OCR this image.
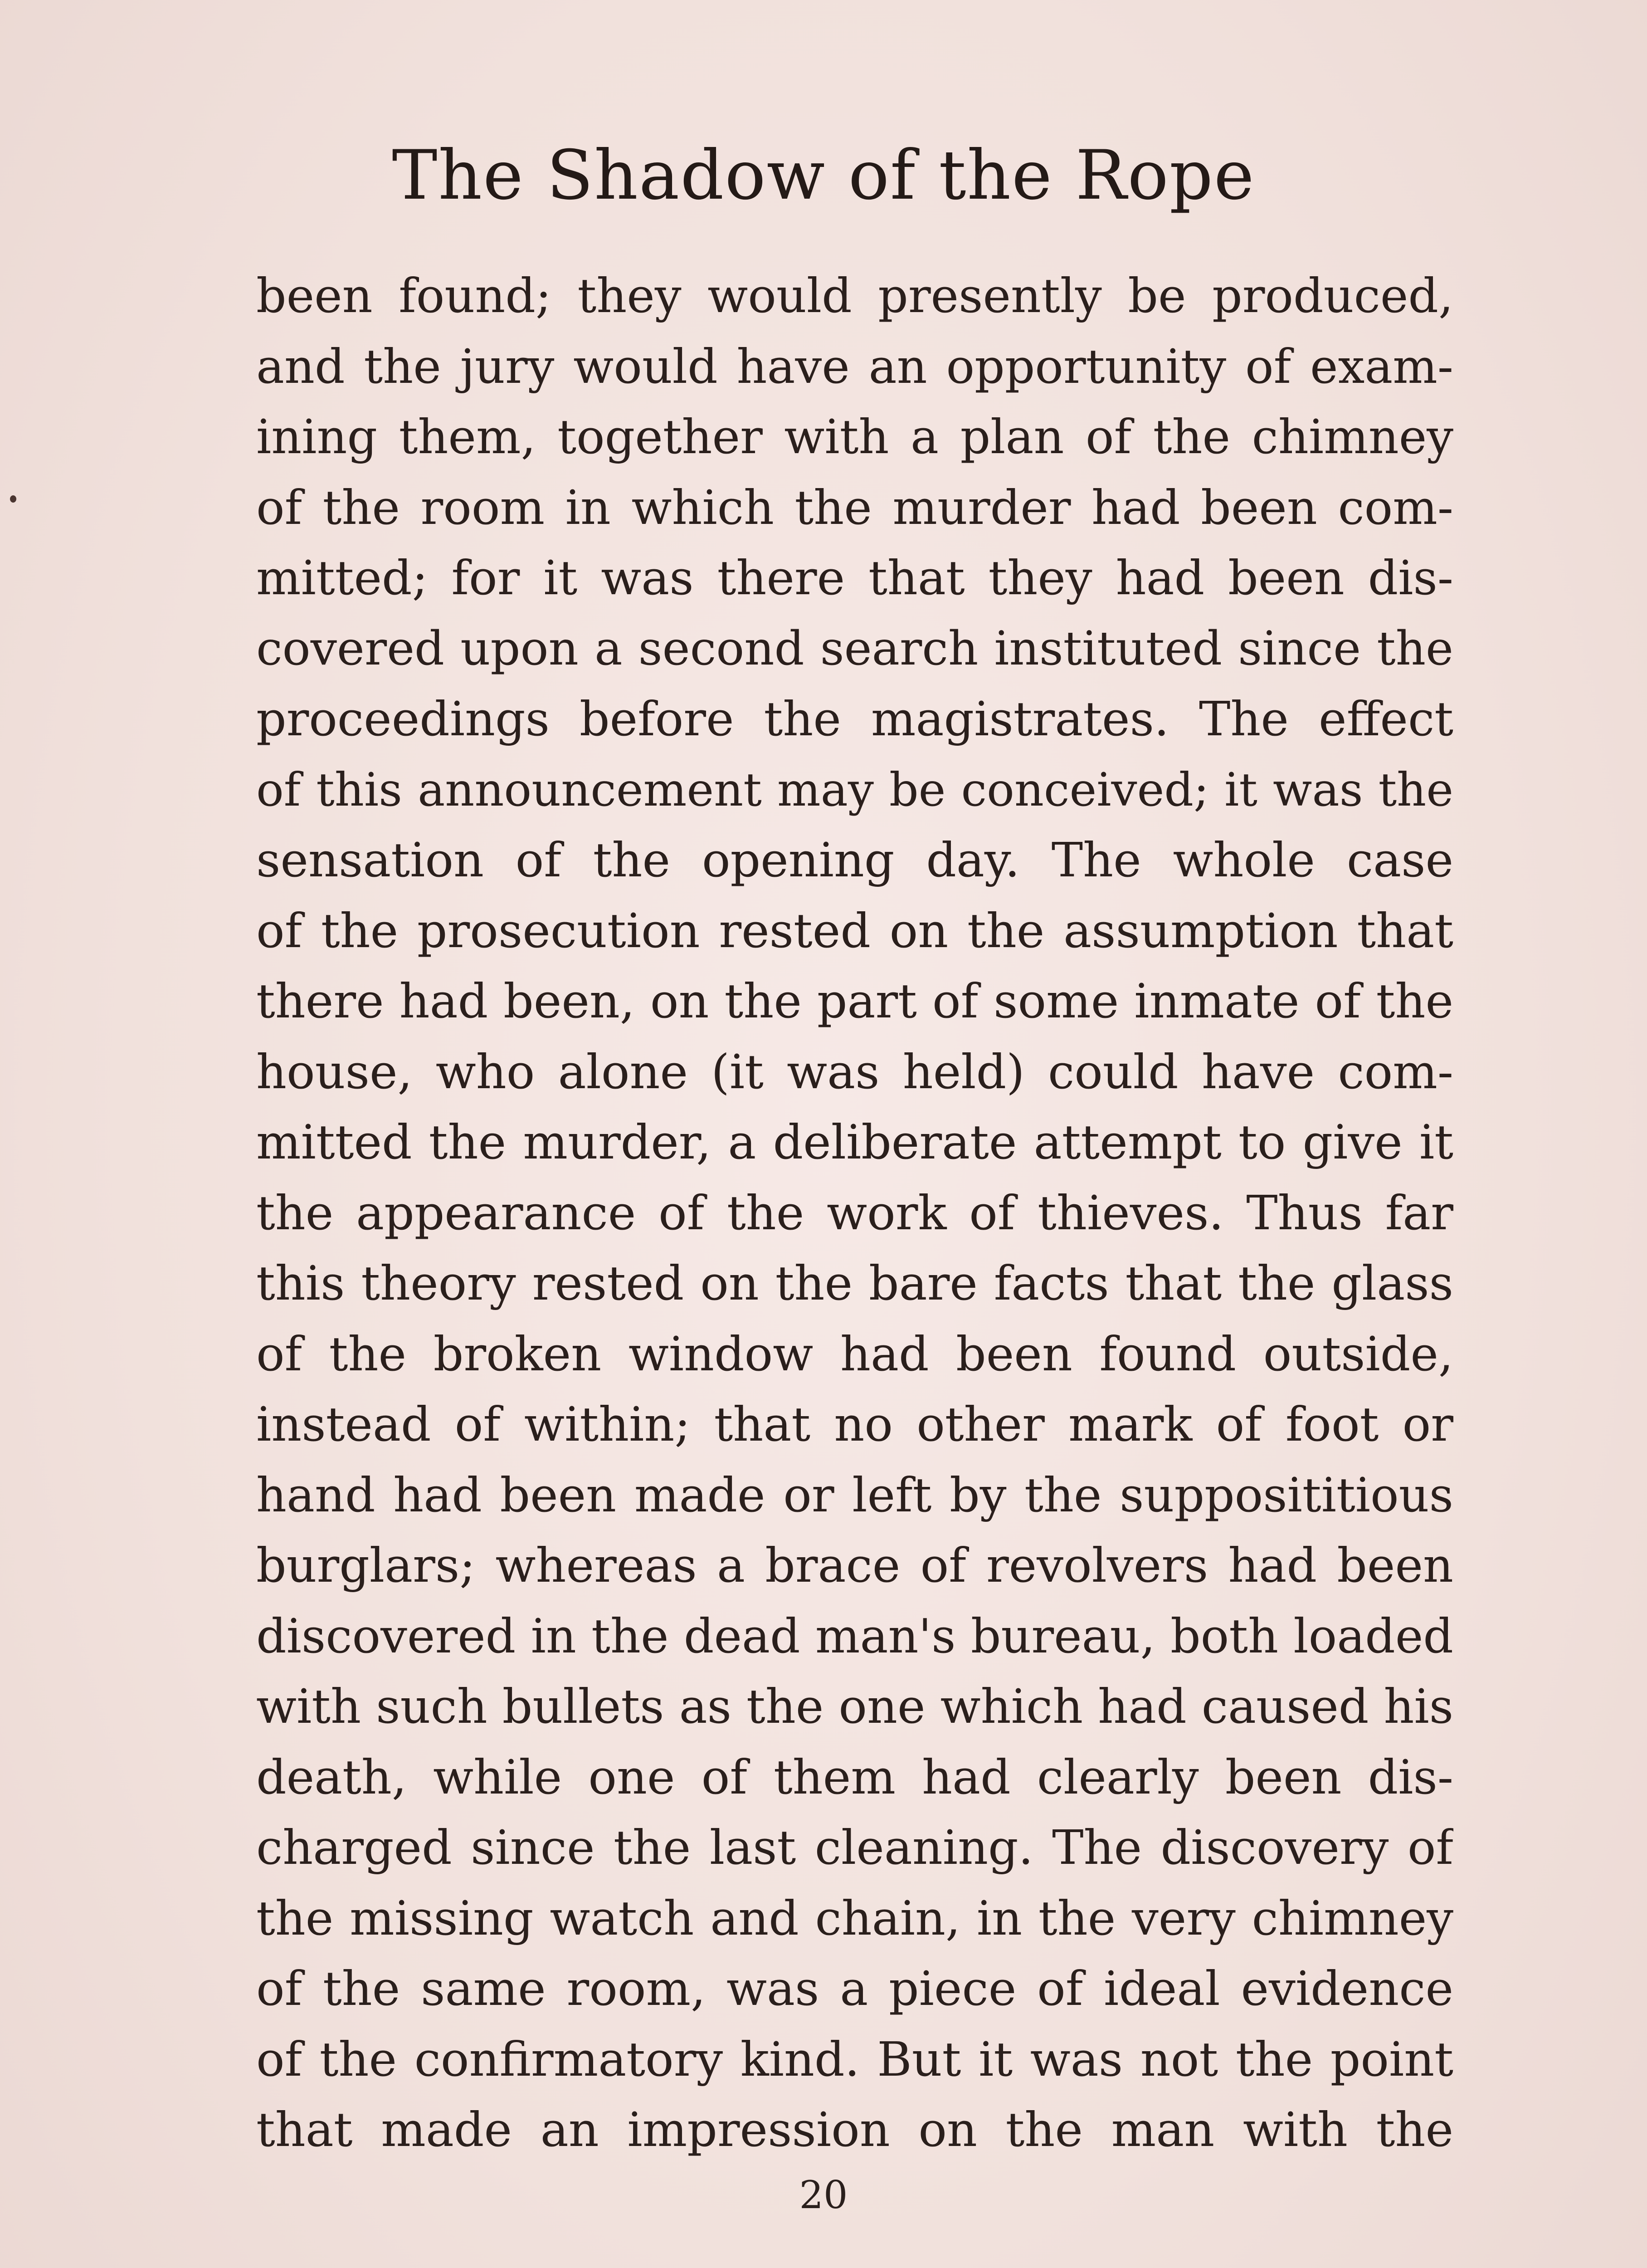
The Shadow of the Rope
been found; they would presently be produced,
and the jury would have an opportunity of exam-
ining them, together with a plan of the chimney
of the room in which the murder had been com-
mitted; for it was there that they had been dis-
covered upon a second search instituted since the
proceedings before the magistrates. The effect
of this announcement may be conceived; it was the
sensation of the opening day. The whole case
of the prosecution rested on the assumption that
there had been, on the part of some inmate of the
house, who alone (it was held) could have com-
mitted the murder, a deliberate attempt to give it
the appearance of the work of thieves. Thus far
this theory rested on the bare facts that the glass
of the broken window had been found outside,
instead of within; that no other mark of foot or
hand had been made or left by the supposititious
burglars; whereas a brace of revolvers had been
discovered in the dead man's bureau, both loaded
with such bullets as the one which had caused his
death, while one of them had clearly been dis-
charged since the last cleaning. The discovery of
the missing watch and chain, in the very chimney
of the same room, was a piece of ideal evidence
of the confirmatory kind. But it was not the point
that made an impression on the man with the
20
